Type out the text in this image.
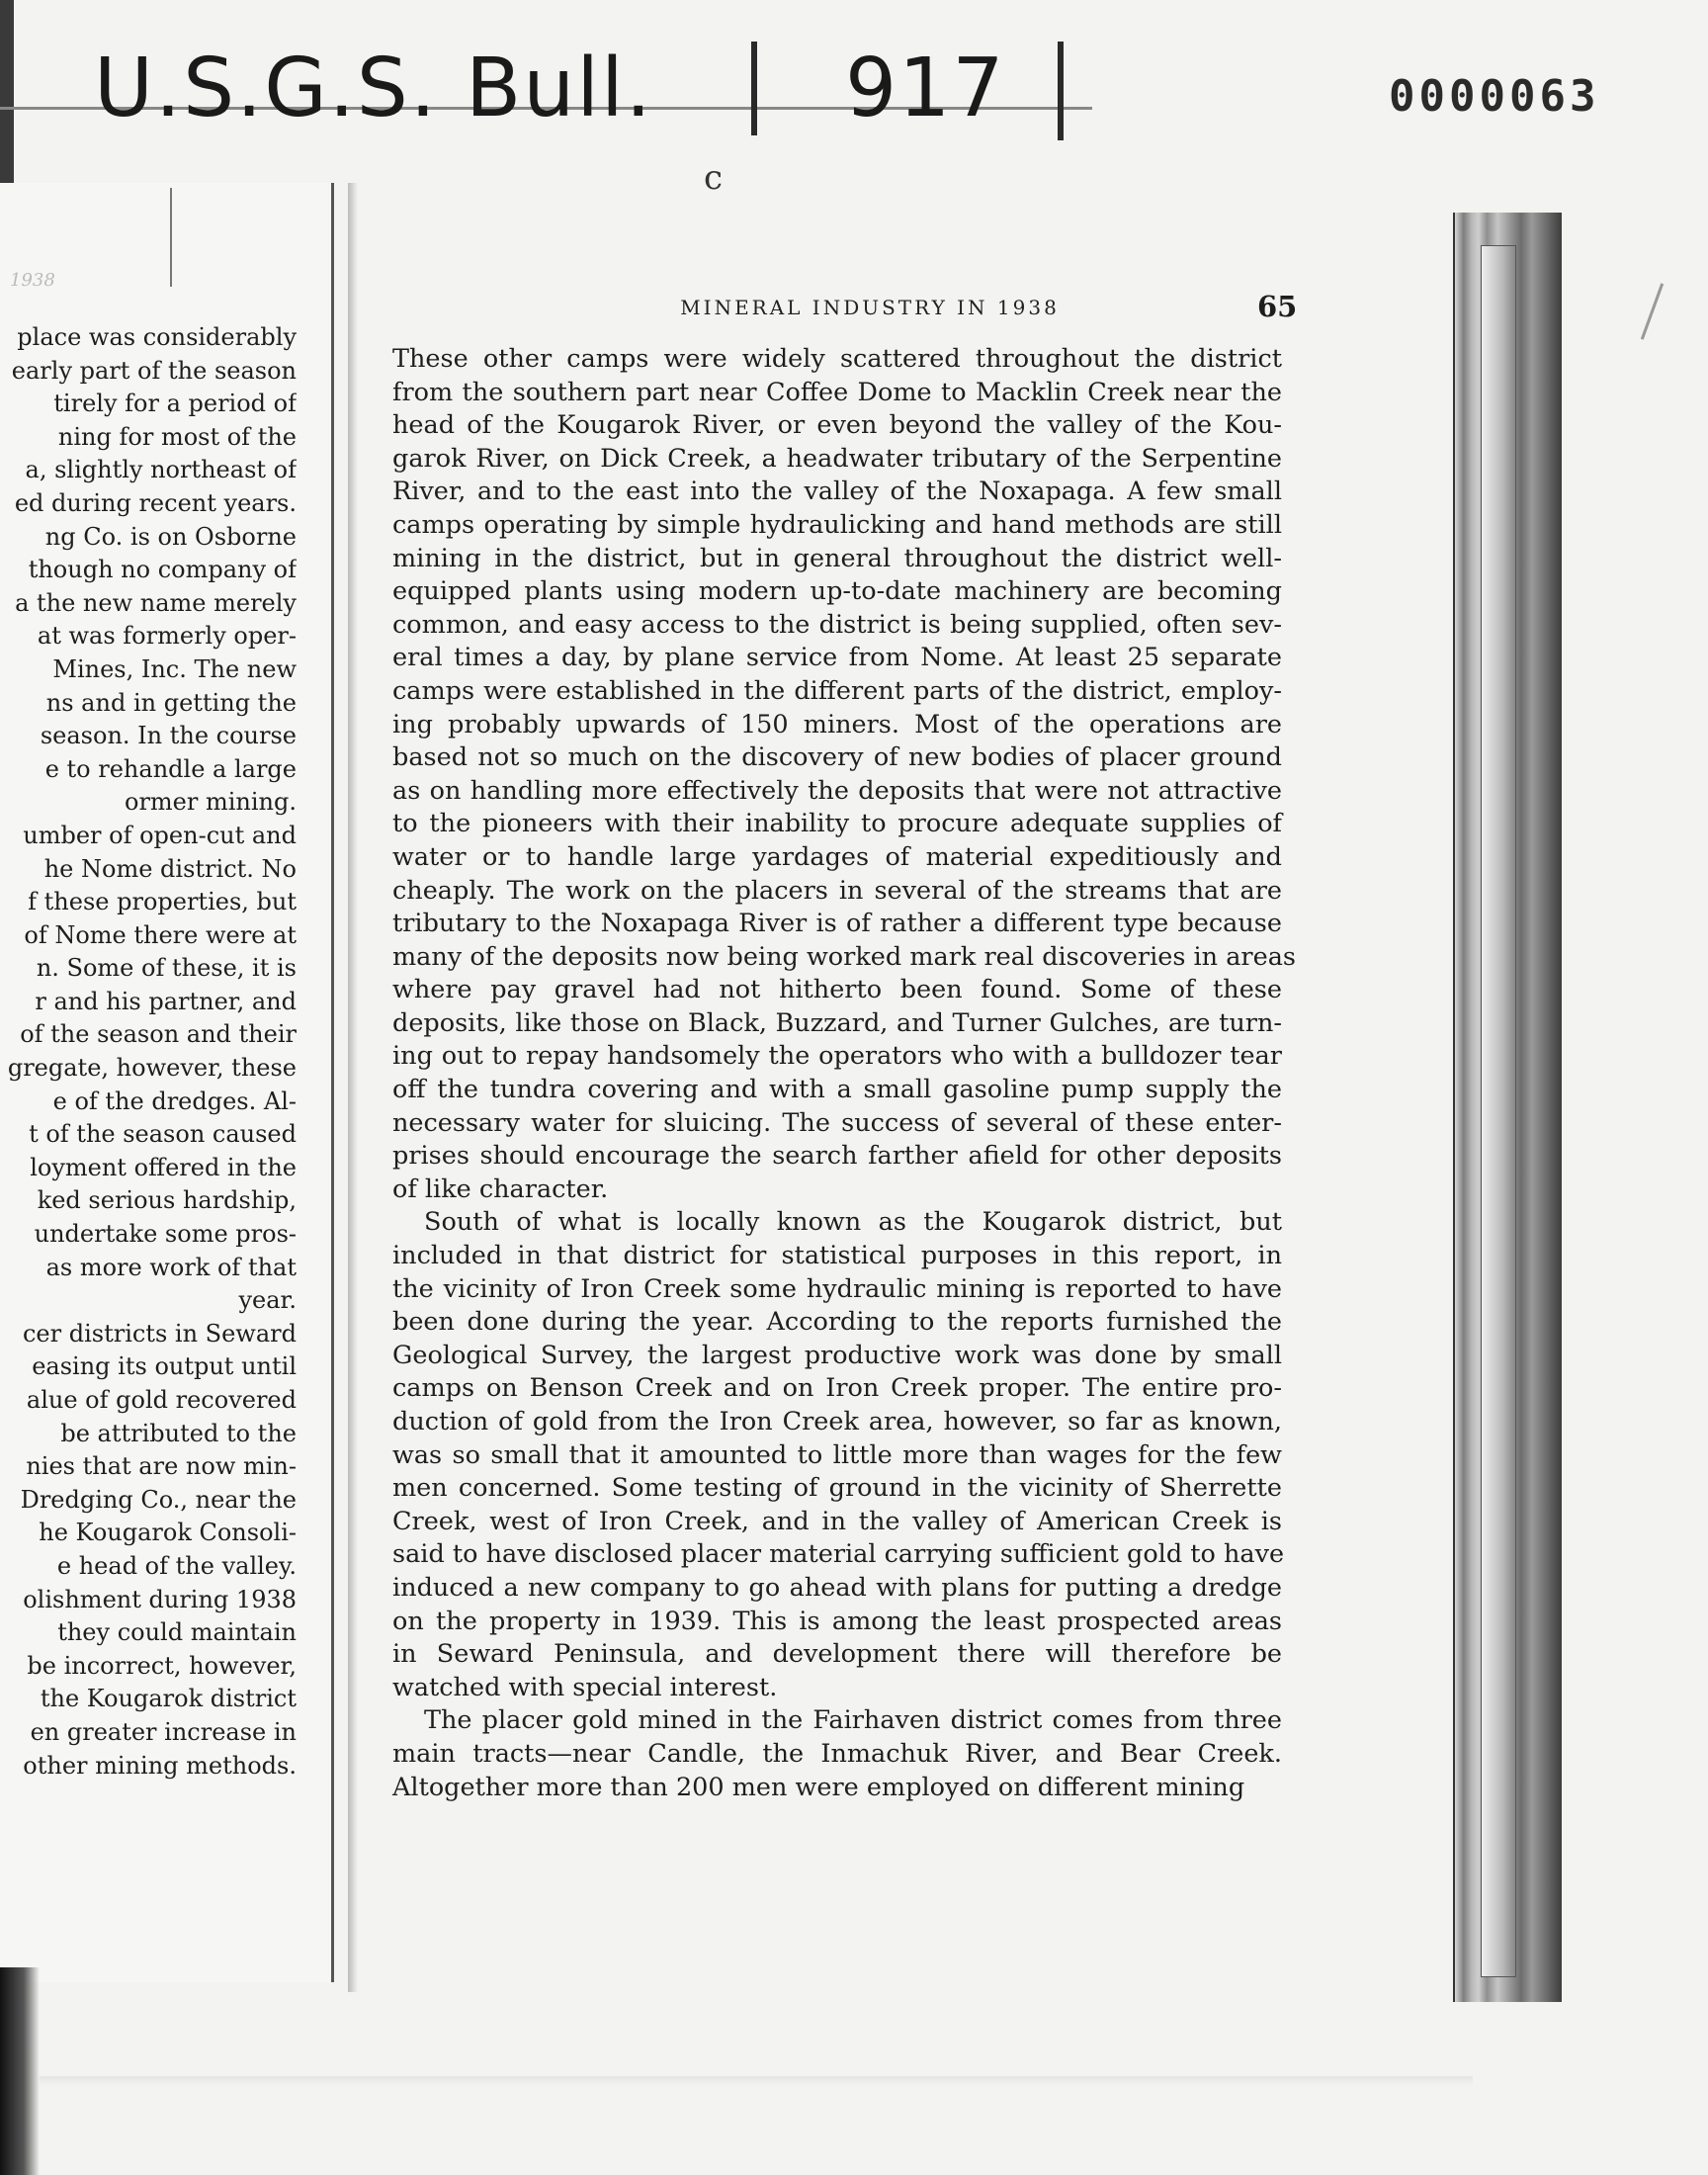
U.S.G.S. Bull. 917	0000063
c
1938
place was considerably
early part of the season
tirely for a period of
ning for most of the
a, slightly northeast of
ed during recent years.
ng Co. is on Osborne
though no company of
a the new name merely
at was formerly oper-
Mines, Inc. The new
ns and in getting the
season. In the course
e to rehandle a large
ormer mining.
umber of open-cut and
he Nome district. No
f these properties, but
of Nome there were at
n. Some of these, it is
r and his partner, and
of the season and their
gregate, however, these
e of the dredges. Al-
t of the season caused
loyment offered in the
ked serious hardship,
undertake some pros-
as more work of that
year.
cer districts in Seward
easing its output until
alue of gold recovered
be attributed to the
nies that are now min-
Dredging Co., near the
he Kougarok Consoli-
e head of the valley.
olishment during 1938
they could maintain
be incorrect, however,
the Kougarok district
en greater increase in
other mining methods.
MINERAL INDUSTRY IN 1938	65
These other camps were widely scattered throughout the district
from the southern part near Coffee Dome to Macklin Creek near the
head of the Kougarok River, or even beyond the valley of the Kou-
garok River, on Dick Creek, a headwater tributary of the Serpentine
River, and to the east into the valley of the Noxapaga. A few small
camps operating by simple hydraulicking and hand methods are still
mining in the district, but in general throughout the district well-
equipped plants using modern up-to-date machinery are becoming
common, and easy access to the district is being supplied, often sev-
eral times a day, by plane service from Nome. At least 25 separate
camps were established in the different parts of the district, employ-
ing probably upwards of 150 miners. Most of the operations are
based not so much on the discovery of new bodies of placer ground
as on handling more effectively the deposits that were not attractive
to the pioneers with their inability to procure adequate supplies of
water or to handle large yardages of material expeditiously and
cheaply. The work on the placers in several of the streams that are
tributary to the Noxapaga River is of rather a different type because
many of the deposits now being worked mark real discoveries in areas
where pay gravel had not hitherto been found. Some of these
deposits, like those on Black, Buzzard, and Turner Gulches, are turn-
ing out to repay handsomely the operators who with a bulldozer tear
off the tundra covering and with a small gasoline pump supply the
necessary water for sluicing. The success of several of these enter-
prises should encourage the search farther afield for other deposits
of like character.
South of what is locally known as the Kougarok district, but
included in that district for statistical purposes in this report, in
the vicinity of Iron Creek some hydraulic mining is reported to have
been done during the year. According to the reports furnished the
Geological Survey, the largest productive work was done by small
camps on Benson Creek and on Iron Creek proper. The entire pro-
duction of gold from the Iron Creek area, however, so far as known,
was so small that it amounted to little more than wages for the few
men concerned. Some testing of ground in the vicinity of Sherrette
Creek, west of Iron Creek, and in the valley of American Creek is
said to have disclosed placer material carrying sufficient gold to have
induced a new company to go ahead with plans for putting a dredge
on the property in 1939. This is among the least prospected areas
in Seward Peninsula, and development there will therefore be
watched with special interest.
The placer gold mined in the Fairhaven district comes from three
main tracts—near Candle, the Inmachuk River, and Bear Creek.
Altogether more than 200 men were employed on different mining
